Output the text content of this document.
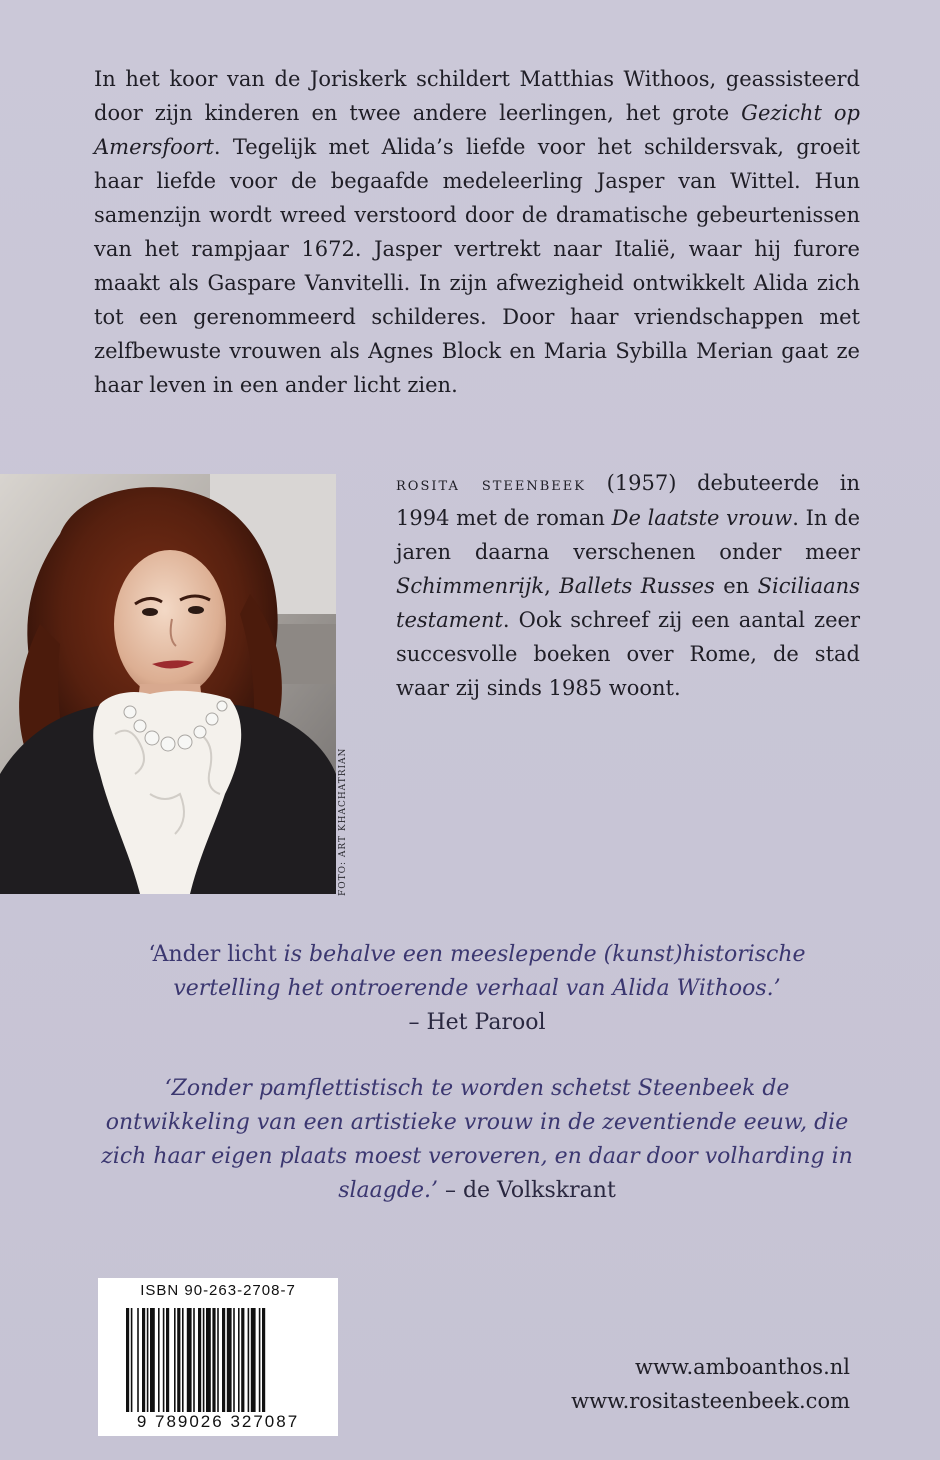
In het koor van de Joriskerk schildert Matthias Withoos, geassisteerd door zijn kinderen en twee andere leerlingen, het grote Gezicht op Amersfoort. Tegelijk met Alida’s liefde voor het schildersvak, groeit haar liefde voor de begaafde medeleerling Jasper van Wittel. Hun samenzijn wordt wreed verstoord door de dramatische gebeurtenissen van het rampjaar 1672. Jasper vertrekt naar Italië, waar hij furore maakt als Gaspare Vanvitelli. In zijn afwezigheid ontwikkelt Alida zich tot een gerenommeerd schilderes. Door haar vriendschappen met zelfbewuste vrouwen als Agnes Block en Maria Sybilla Merian gaat ze haar leven in een ander licht zien.

FOTO: ART KHACHATRIAN

rosita steenbeek (1957) debuteerde in 1994 met de roman De laatste vrouw. In de jaren daarna verschenen onder meer Schimmenrijk, Ballets Russes en Siciliaans testament. Ook schreef zij een aantal zeer succesvolle boeken over Rome, de stad waar zij sinds 1985 woont.

‘Ander licht is behalve een meeslepende (kunst)historische vertelling het ontroerende verhaal van Alida Withoos.’
– Het Parool

‘Zonder pamflettistisch te worden schetst Steenbeek de ontwikkeling van een artistieke vrouw in de zeventiende eeuw, die zich haar eigen plaats moest veroveren, en daar door volharding in slaagde.’ – de Volkskrant

ISBN 90-263-2708-7
9 789026 327087
www.amboanthos.nl
www.rositasteenbeek.com
